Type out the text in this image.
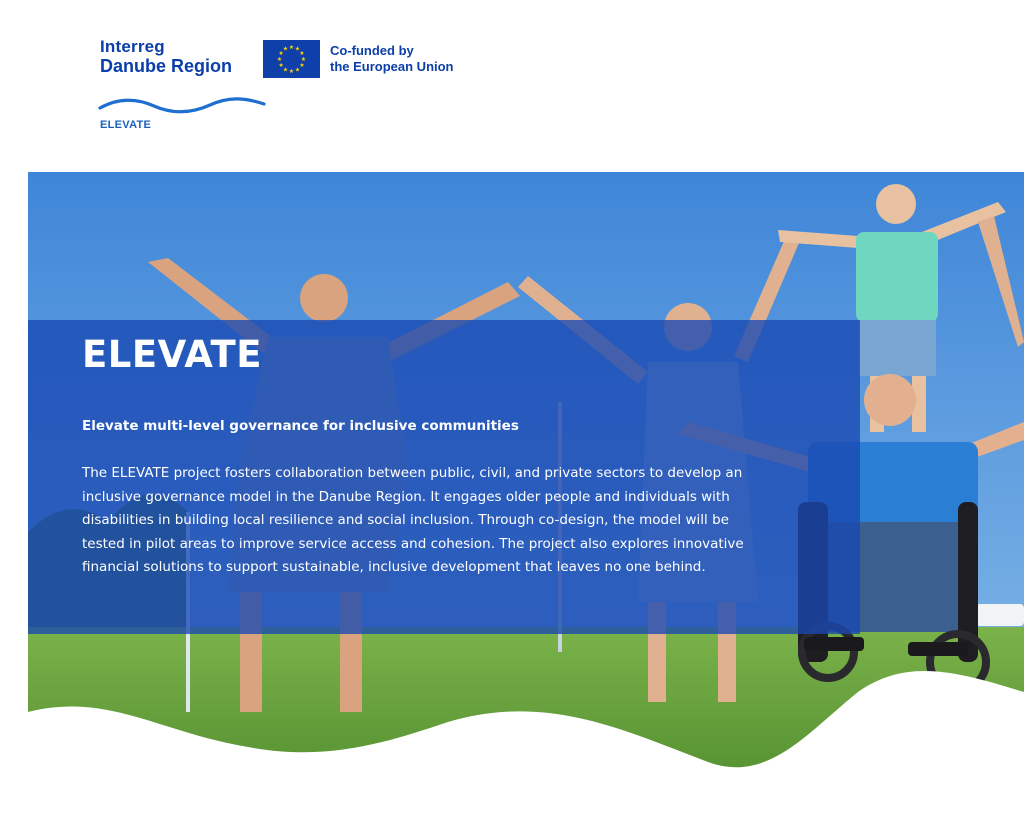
Interreg
Danube Region
★ ★
★
★
★
★
★
★
★
★
★
★	Co-funded by
the European Union
ELEVATE
ELEVATE

Elevate multi-level governance for inclusive communities

The ELEVATE project fosters collaboration between public, civil, and private sectors to develop an inclusive governance model in the Danube Region. It engages older people and individuals with disabilities in building local resilience and social inclusion. Through co-design, the model will be tested in pilot areas to improve service access and cohesion. The project also explores innovative financial solutions to support sustainable, inclusive development that leaves no one behind.
